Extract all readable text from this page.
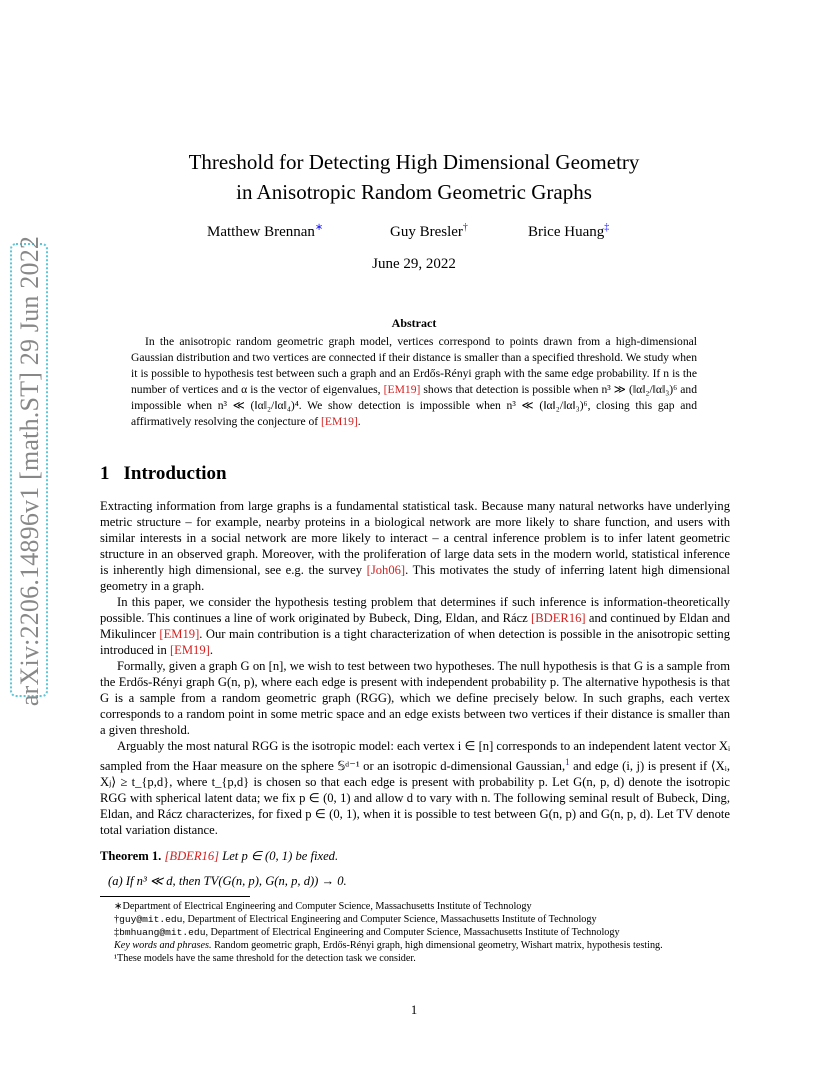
arXiv:2206.14896v1 [math.ST] 29 Jun 2022
Threshold for Detecting High Dimensional Geometry
in Anisotropic Random Geometric Graphs
Matthew Brennan∗	Guy Bresler†	Brice Huang‡
June 29, 2022
Abstract

In the anisotropic random geometric graph model, vertices correspond to points drawn from a high-dimensional Gaussian distribution and two vertices are connected if their distance is smaller than a specified threshold. We study when it is possible to hypothesis test between such a graph and an Erdős-Rényi graph with the same edge probability. If n is the number of vertices and α is the vector of eigenvalues, [EM19] shows that detection is possible when n³ ≫ (‖α‖₂/‖α‖₃)⁶ and impossible when n³ ≪ (‖α‖₂/‖α‖₄)⁴. We show detection is impossible when n³ ≪ (‖α‖₂/‖α‖₃)⁶, closing this gap and affirmatively resolving the conjecture of [EM19].

1 Introduction

Extracting information from large graphs is a fundamental statistical task. Because many natural networks have underlying metric structure – for example, nearby proteins in a biological network are more likely to share function, and users with similar interests in a social network are more likely to interact – a central inference problem is to infer latent geometric structure in an observed graph. Moreover, with the proliferation of large data sets in the modern world, statistical inference is inherently high dimensional, see e.g. the survey [Joh06]. This motivates the study of inferring latent high dimensional geometry in a graph.

In this paper, we consider the hypothesis testing problem that determines if such inference is information-theoretically possible. This continues a line of work originated by Bubeck, Ding, Eldan, and Rácz [BDER16] and continued by Eldan and Mikulincer [EM19]. Our main contribution is a tight characterization of when detection is possible in the anisotropic setting introduced in [EM19].

Formally, given a graph G on [n], we wish to test between two hypotheses. The null hypothesis is that G is a sample from the Erdős-Rényi graph G(n, p), where each edge is present with independent probability p. The alternative hypothesis is that G is a sample from a random geometric graph (RGG), which we define precisely below. In such graphs, each vertex corresponds to a random point in some metric space and an edge exists between two vertices if their distance is smaller than a given threshold.

Arguably the most natural RGG is the isotropic model: each vertex i ∈ [n] corresponds to an independent latent vector Xᵢ sampled from the Haar measure on the sphere 𝕊ᵈ⁻¹ or an isotropic d-dimensional Gaussian,$^1$ and edge (i, j) is present if ⟨Xᵢ, Xⱼ⟩ ≥ t_{p,d}, where t_{p,d} is chosen so that each edge is present with probability p. Let G(n, p, d) denote the isotropic RGG with spherical latent data; we fix p ∈ (0, 1) and allow d to vary with n. The following seminal result of Bubeck, Ding, Eldan, and Rácz characterizes, for fixed p ∈ (0, 1), when it is possible to test between G(n, p) and G(n, p, d). Let TV denote total variation distance.

Theorem 1. [BDER16] Let p ∈ (0, 1) be fixed.
(a) If n³ ≪ d, then TV(G(n, p), G(n, p, d)) → 0.
∗Department of Electrical Engineering and Computer Science, Massachusetts Institute of Technology
†guy@mit.edu, Department of Electrical Engineering and Computer Science, Massachusetts Institute of Technology
‡bmhuang@mit.edu, Department of Electrical Engineering and Computer Science, Massachusetts Institute of Technology
Key words and phrases. Random geometric graph, Erdős-Rényi graph, high dimensional geometry, Wishart matrix, hypothesis testing.
¹These models have the same threshold for the detection task we consider.
1
